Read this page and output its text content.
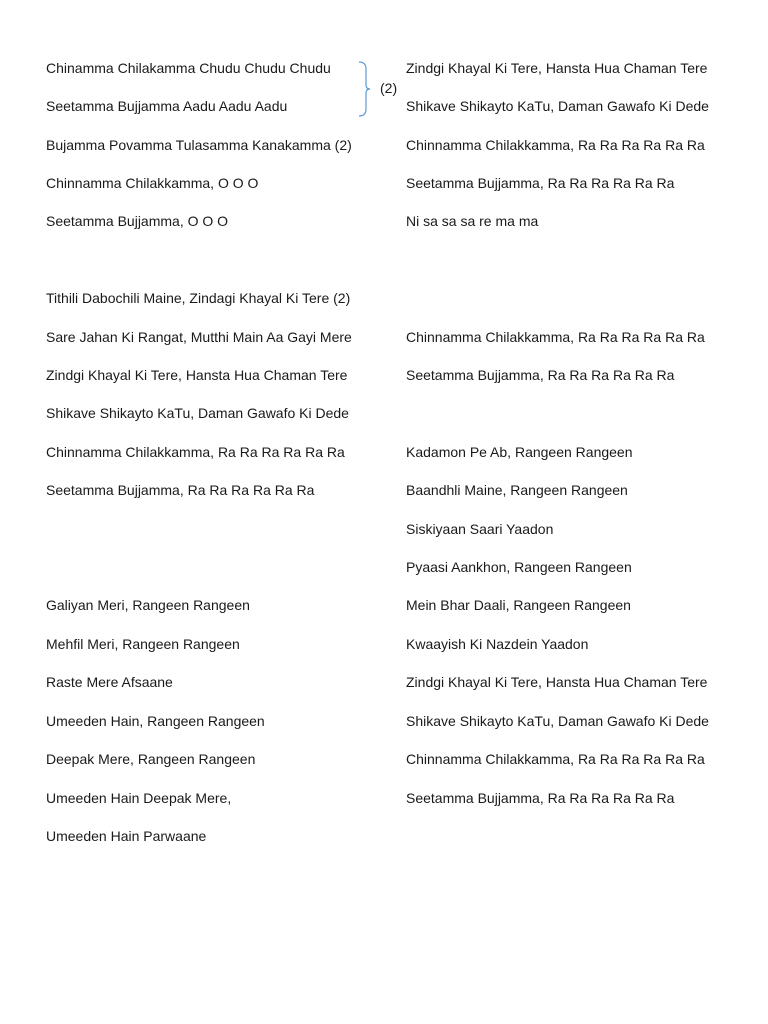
Chinamma Chilakamma Chudu Chudu Chudu
Seetamma Bujjamma Aadu Aadu Aadu
Bujamma Povamma Tulasamma Kanakamma (2)
Chinnamma Chilakkamma, O O O
Seetamma Bujjamma, O O O
Tithili Dabochili Maine, Zindagi Khayal Ki Tere (2)
Sare Jahan Ki Rangat, Mutthi Main Aa Gayi Mere
Zindgi Khayal Ki Tere, Hansta Hua Chaman Tere
Shikave Shikayto KaTu, Daman Gawafo Ki Dede
Chinnamma Chilakkamma, Ra Ra Ra Ra Ra Ra
Seetamma Bujjamma, Ra Ra Ra Ra Ra Ra
Galiyan Meri, Rangeen Rangeen
Mehfil Meri, Rangeen Rangeen
Raste Mere Afsaane
Umeeden Hain, Rangeen Rangeen
Deepak Mere, Rangeen Rangeen
Umeeden Hain Deepak Mere,
Umeeden Hain Parwaane
(2)
Zindgi Khayal Ki Tere, Hansta Hua Chaman Tere
Shikave Shikayto KaTu, Daman Gawafo Ki Dede
Chinnamma Chilakkamma, Ra Ra Ra Ra Ra Ra
Seetamma Bujjamma, Ra Ra Ra Ra Ra Ra
Ni sa sa sa re ma ma
Chinnamma Chilakkamma, Ra Ra Ra Ra Ra Ra
Seetamma Bujjamma, Ra Ra Ra Ra Ra Ra
Kadamon Pe Ab, Rangeen Rangeen
Baandhli Maine, Rangeen Rangeen
Siskiyaan Saari Yaadon
Pyaasi Aankhon, Rangeen Rangeen
Mein Bhar Daali, Rangeen Rangeen
Kwaayish Ki Nazdein Yaadon
Zindgi Khayal Ki Tere, Hansta Hua Chaman Tere
Shikave Shikayto KaTu, Daman Gawafo Ki Dede
Chinnamma Chilakkamma, Ra Ra Ra Ra Ra Ra
Seetamma Bujjamma, Ra Ra Ra Ra Ra Ra
